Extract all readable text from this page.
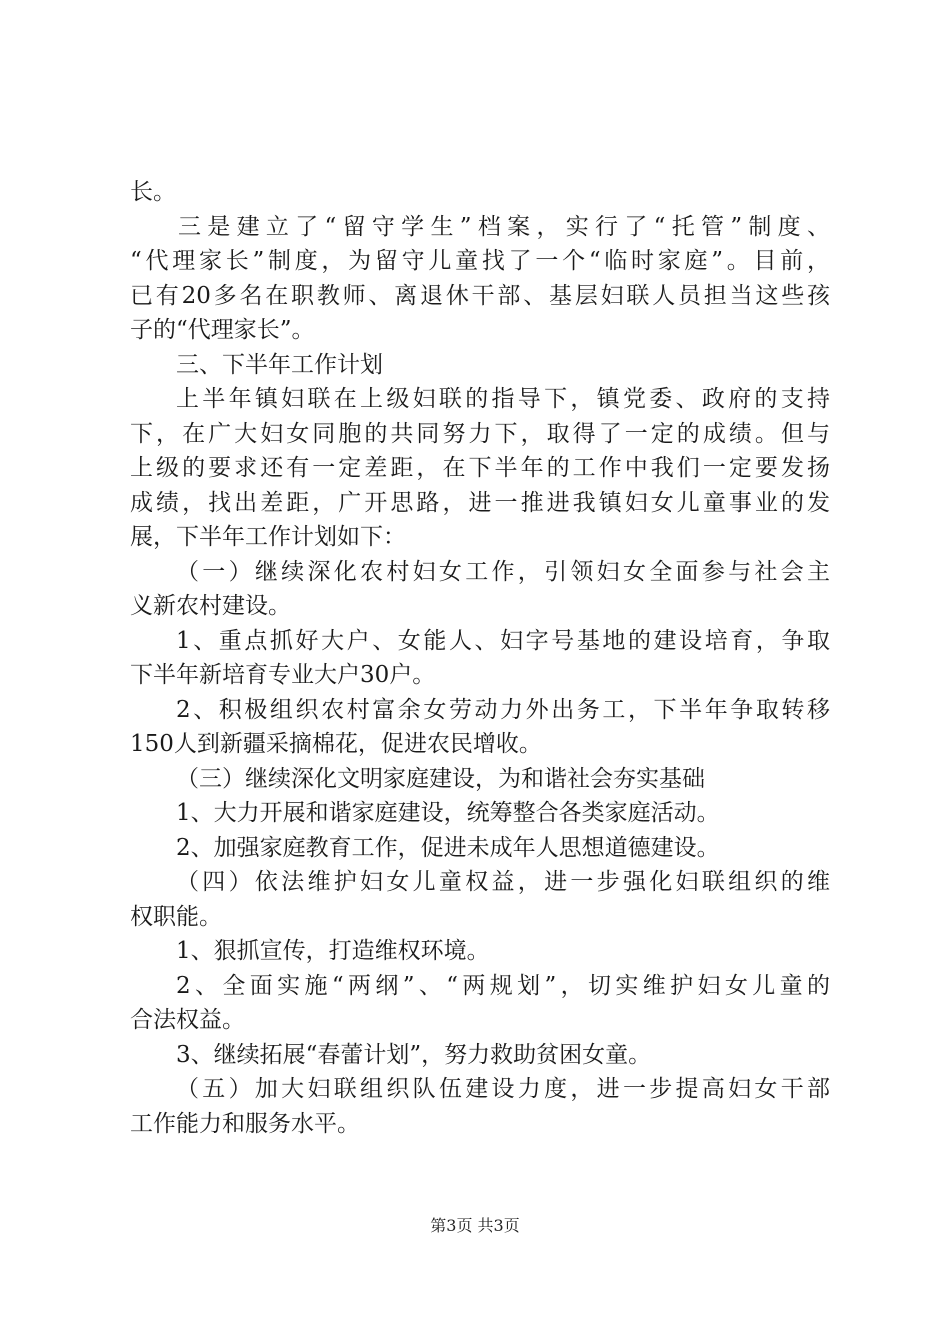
长。
三是建立了“留守学生”档案，实行了“托管”制度、
“代理家长”制度，为留守儿童找了一个“临时家庭”。目前，
已有20多名在职教师、离退休干部、基层妇联人员担当这些孩
子的“代理家长”。
三、下半年工作计划
上半年镇妇联在上级妇联的指导下，镇党委、政府的支持
下，在广大妇女同胞的共同努力下，取得了一定的成绩。但与
上级的要求还有一定差距，在下半年的工作中我们一定要发扬
成绩，找出差距，广开思路，进一推进我镇妇女儿童事业的发
展，下半年工作计划如下：
（一）继续深化农村妇女工作，引领妇女全面参与社会主
义新农村建设。
1、重点抓好大户、女能人、妇字号基地的建设培育，争取
下半年新培育专业大户30户。
2、积极组织农村富余女劳动力外出务工，下半年争取转移
150人到新疆采摘棉花，促进农民增收。
（三）继续深化文明家庭建设，为和谐社会夯实基础
1、大力开展和谐家庭建设，统筹整合各类家庭活动。
2、加强家庭教育工作，促进未成年人思想道德建设。
（四）依法维护妇女儿童权益，进一步强化妇联组织的维
权职能。
1、狠抓宣传，打造维权环境。
2、全面实施“两纲”、“两规划”，切实维护妇女儿童的
合法权益。
3、继续拓展“春蕾计划”，努力救助贫困女童。
（五）加大妇联组织队伍建设力度，进一步提高妇女干部
工作能力和服务水平。
第3页 共3页
